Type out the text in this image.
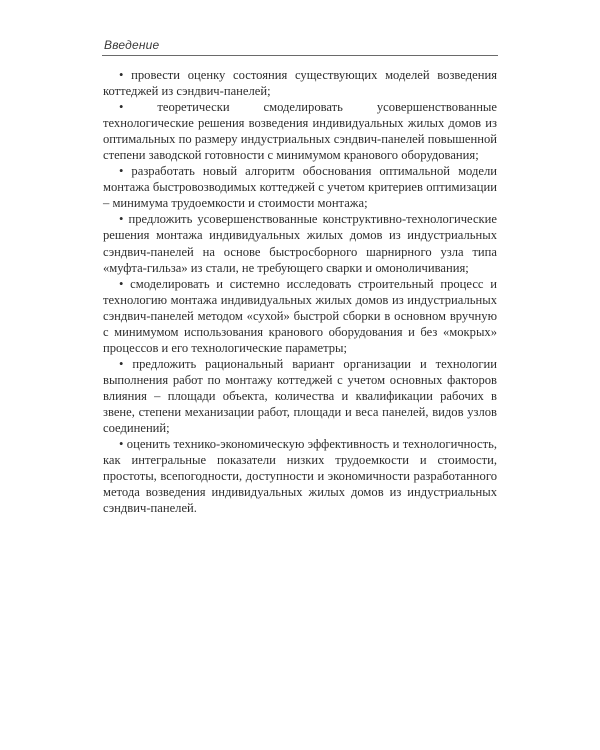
Введение

• провести оценку состояния существующих моделей возведения коттеджей из сэндвич-панелей;

• теоретически смоделировать усовершенствованные технологические решения возведения индивидуальных жилых домов из оптимальных по размеру индустриальных сэндвич-панелей повышенной степени заводской готовности с минимумом кранового оборудования;

• разработать новый алгоритм обоснования оптимальной модели монтажа быстровозводимых коттеджей с учетом критериев оптимизации – минимума трудоемкости и стоимости монтажа;

• предложить усовершенствованные конструктивно-технологические решения монтажа индивидуальных жилых домов из индустриальных сэндвич-панелей на основе быстросборного шарнирного узла типа «муфта-гильза» из стали, не требующего сварки и омоноличивания;

• смоделировать и системно исследовать строительный процесс и технологию монтажа индивидуальных жилых домов из индустриальных сэндвич-панелей методом «сухой» быстрой сборки в основном вручную с минимумом использования кранового оборудования и без «мокрых» процессов и его технологические параметры;

• предложить рациональный вариант организации и технологии выполнения работ по монтажу коттеджей с учетом основных факторов влияния – площади объекта, количества и квалификации рабочих в звене, степени механизации работ, площади и веса панелей, видов узлов соединений;

• оценить технико-экономическую эффективность и технологичность, как интегральные показатели низких трудоемкости и стоимости, простоты, всепогодности, доступности и экономичности разработанного метода возведения индивидуальных жилых домов из индустриальных сэндвич-панелей.
